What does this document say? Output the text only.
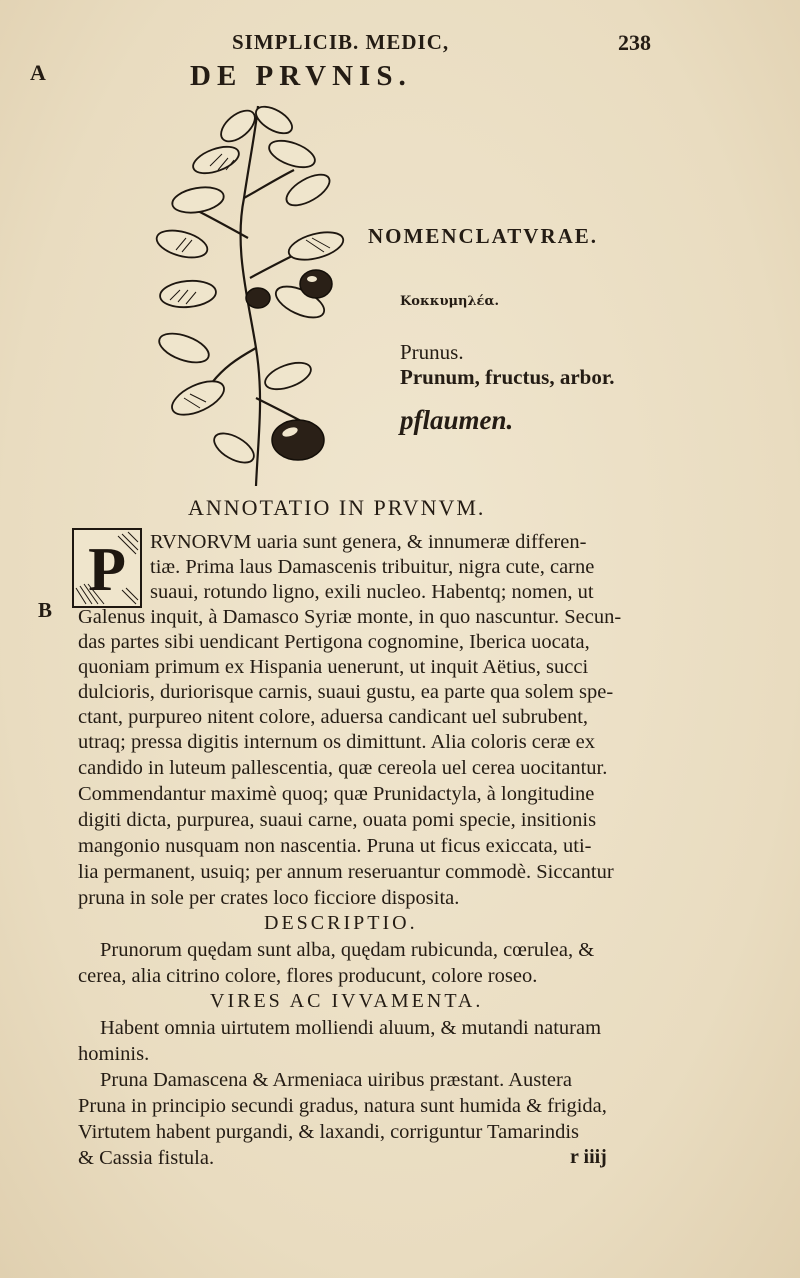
SIMPLICIB. MEDIC,	238
A	DE PRVNIS.
NOMENCLATVRAE.
Κοκκυμηλέα.
Prunus.
Prunum, fructus, arbor.
pflaumen.
ANNOTATIO IN PRVNVM.
P RVNORVM uaria sunt genera, & innumeræ differen-
tiæ. Prima laus Damascenis tribuitur, nigra cute, carne
suaui, rotundo ligno, exili nucleo. Habentq; nomen, ut
B Galenus inquit, à Damasco Syriæ monte, in quo nascuntur. Secun-
das partes sibi uendicant Pertigona cognomine, Iberica uocata,
quoniam primum ex Hispania uenerunt, ut inquit Aëtius, succi
dulcioris, duriorisque carnis, suaui gustu, ea parte qua solem spe-
ctant, purpureo nitent colore, aduersa candicant uel subrubent,
utraq; pressa digitis internum os dimittunt. Alia coloris ceræ ex
candido in luteum pallescentia, quæ cereola uel cerea uocitantur.
Commendantur maximè quoq; quæ Prunidactyla, à longitudine
digiti dicta, purpurea, suaui carne, ouata pomi specie, insitionis
mangonio nusquam non nascentia. Pruna ut ficus exiccata, uti-
lia permanent, usuiq; per annum reseruantur commodè. Siccantur
pruna in sole per crates loco ficciore disposita.
DESCRIPTIO.
Prunorum quędam sunt alba, quędam rubicunda, cœrulea, &
cerea, alia citrino colore, flores producunt, colore roseo.
VIRES AC IVVAMENTA.
Habent omnia uirtutem molliendi aluum, & mutandi naturam
hominis.
Pruna Damascena & Armeniaca uiribus præstant. Austera
Pruna in principio secundi gradus, natura sunt humida & frigida,
Virtutem habent purgandi, & laxandi, corriguntur Tamarindis
& Cassia fistula.	r iiij
